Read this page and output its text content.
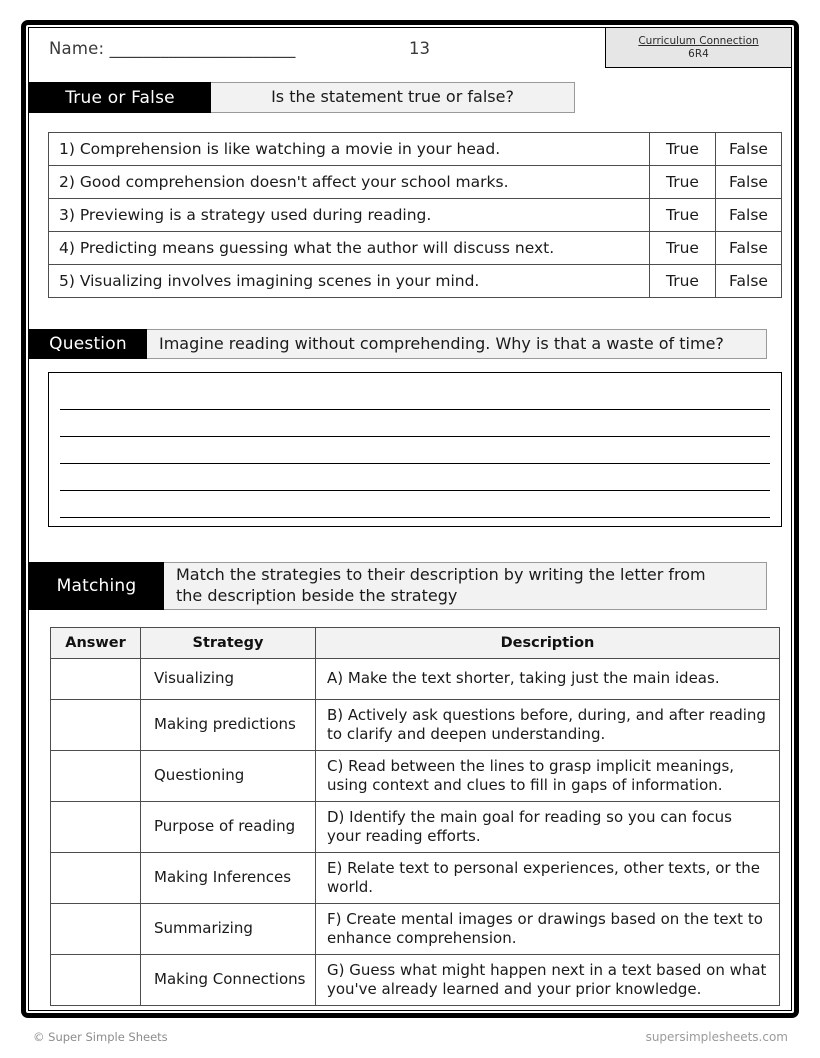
Name: ______________________	13	Curriculum Connection
6R4
True or False	Is the statement true or false?
1) Comprehension is like watching a movie in your head.	True	False
2) Good comprehension doesn't affect your school marks.	True	False
3) Previewing is a strategy used during reading.	True	False
4) Predicting means guessing what the author will discuss next.	True	False
5) Visualizing involves imagining scenes in your mind.	True	False
Question	Imagine reading without comprehending. Why is that a waste of time?
Matching
Match the strategies to their description by writing the letter from
the description beside the strategy
Answer	Strategy	Description
	Visualizing	A) Make the text shorter, taking just the main ideas.
	Making predictions	B) Actively ask questions before, during, and after reading to clarify and deepen understanding.
	Questioning	C) Read between the lines to grasp implicit meanings, using context and clues to fill in gaps of information.
	Purpose of reading	D) Identify the main goal for reading so you can focus your reading efforts.
	Making Inferences	E) Relate text to personal experiences, other texts, or the world.
	Summarizing	F) Create mental images or drawings based on the text to enhance comprehension.
	Making Connections	G) Guess what might happen next in a text based on what you've already learned and your prior knowledge.
© Super Simple Sheets	supersimplesheets.com
